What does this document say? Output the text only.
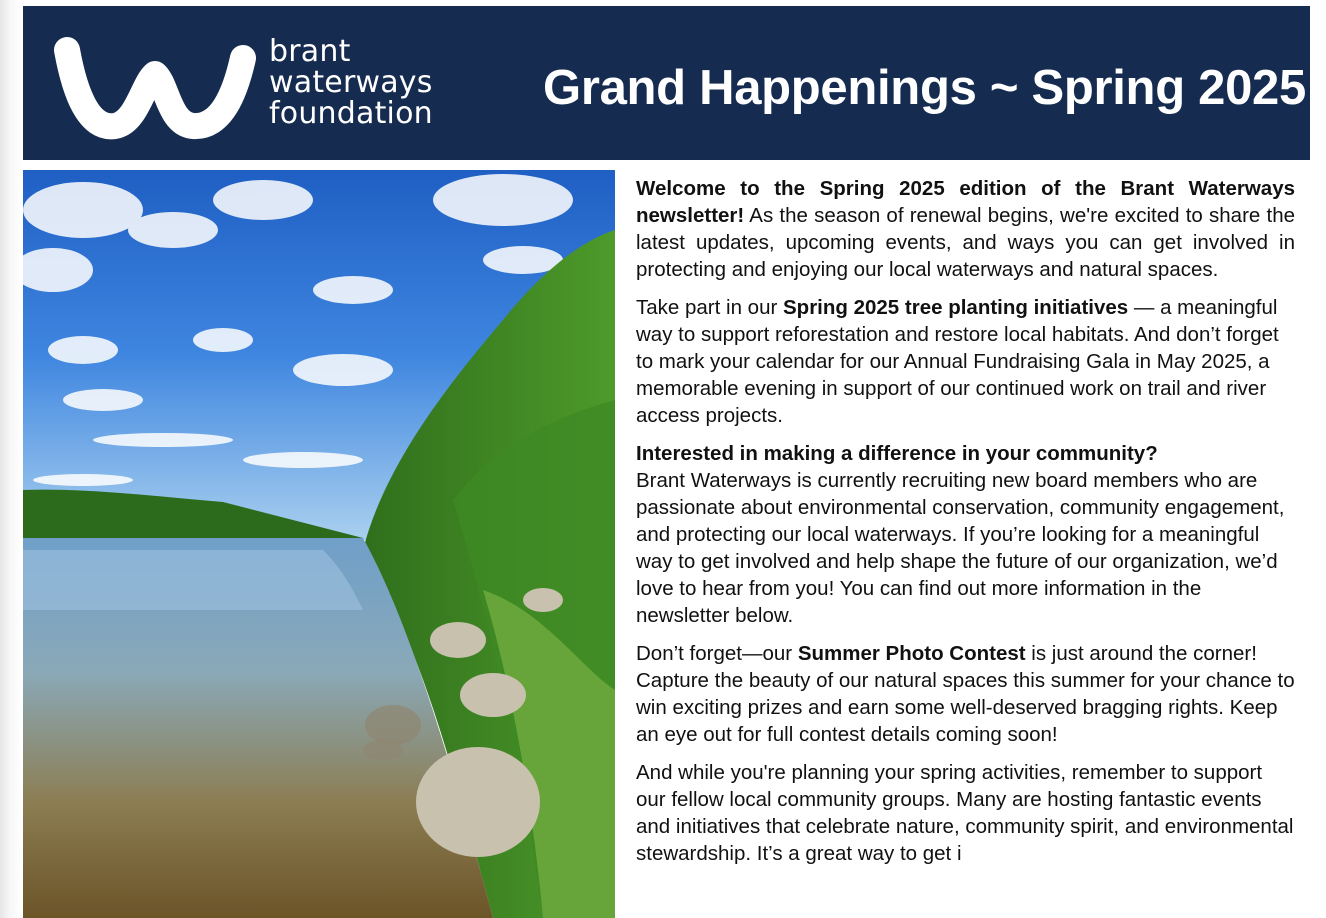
brant
waterways
foundation Grand Happenings ~ Spring 2025

Welcome to the Spring 2025 edition of the Brant Waterways newsletter! As the season of renewal begins, we're excited to share the latest updates, upcoming events, and ways you can get involved in protecting and enjoying our local waterways and natural spaces.

Take part in our Spring 2025 tree planting initiatives — a meaningful way to support reforestation and restore local habitats. And don’t forget to mark your calendar for our Annual Fundraising Gala in May 2025, a memorable evening in support of our continued work on trail and river access projects.

Interested in making a difference in your community?
Brant Waterways is currently recruiting new board members who are passionate about environmental conservation, community engagement, and protecting our local waterways. If you’re looking for a meaningful way to get involved and help shape the future of our organization, we’d love to hear from you! You can find out more information in the newsletter below.

Don’t forget—our Summer Photo Contest is just around the corner! Capture the beauty of our natural spaces this summer for your chance to win exciting prizes and earn some well-deserved bragging rights. Keep an eye out for full contest details coming soon!

And while you're planning your spring activities, remember to support our fellow local community groups. Many are hosting fantastic events and initiatives that celebrate nature, community spirit, and environmental stewardship. It’s a great way to get i
